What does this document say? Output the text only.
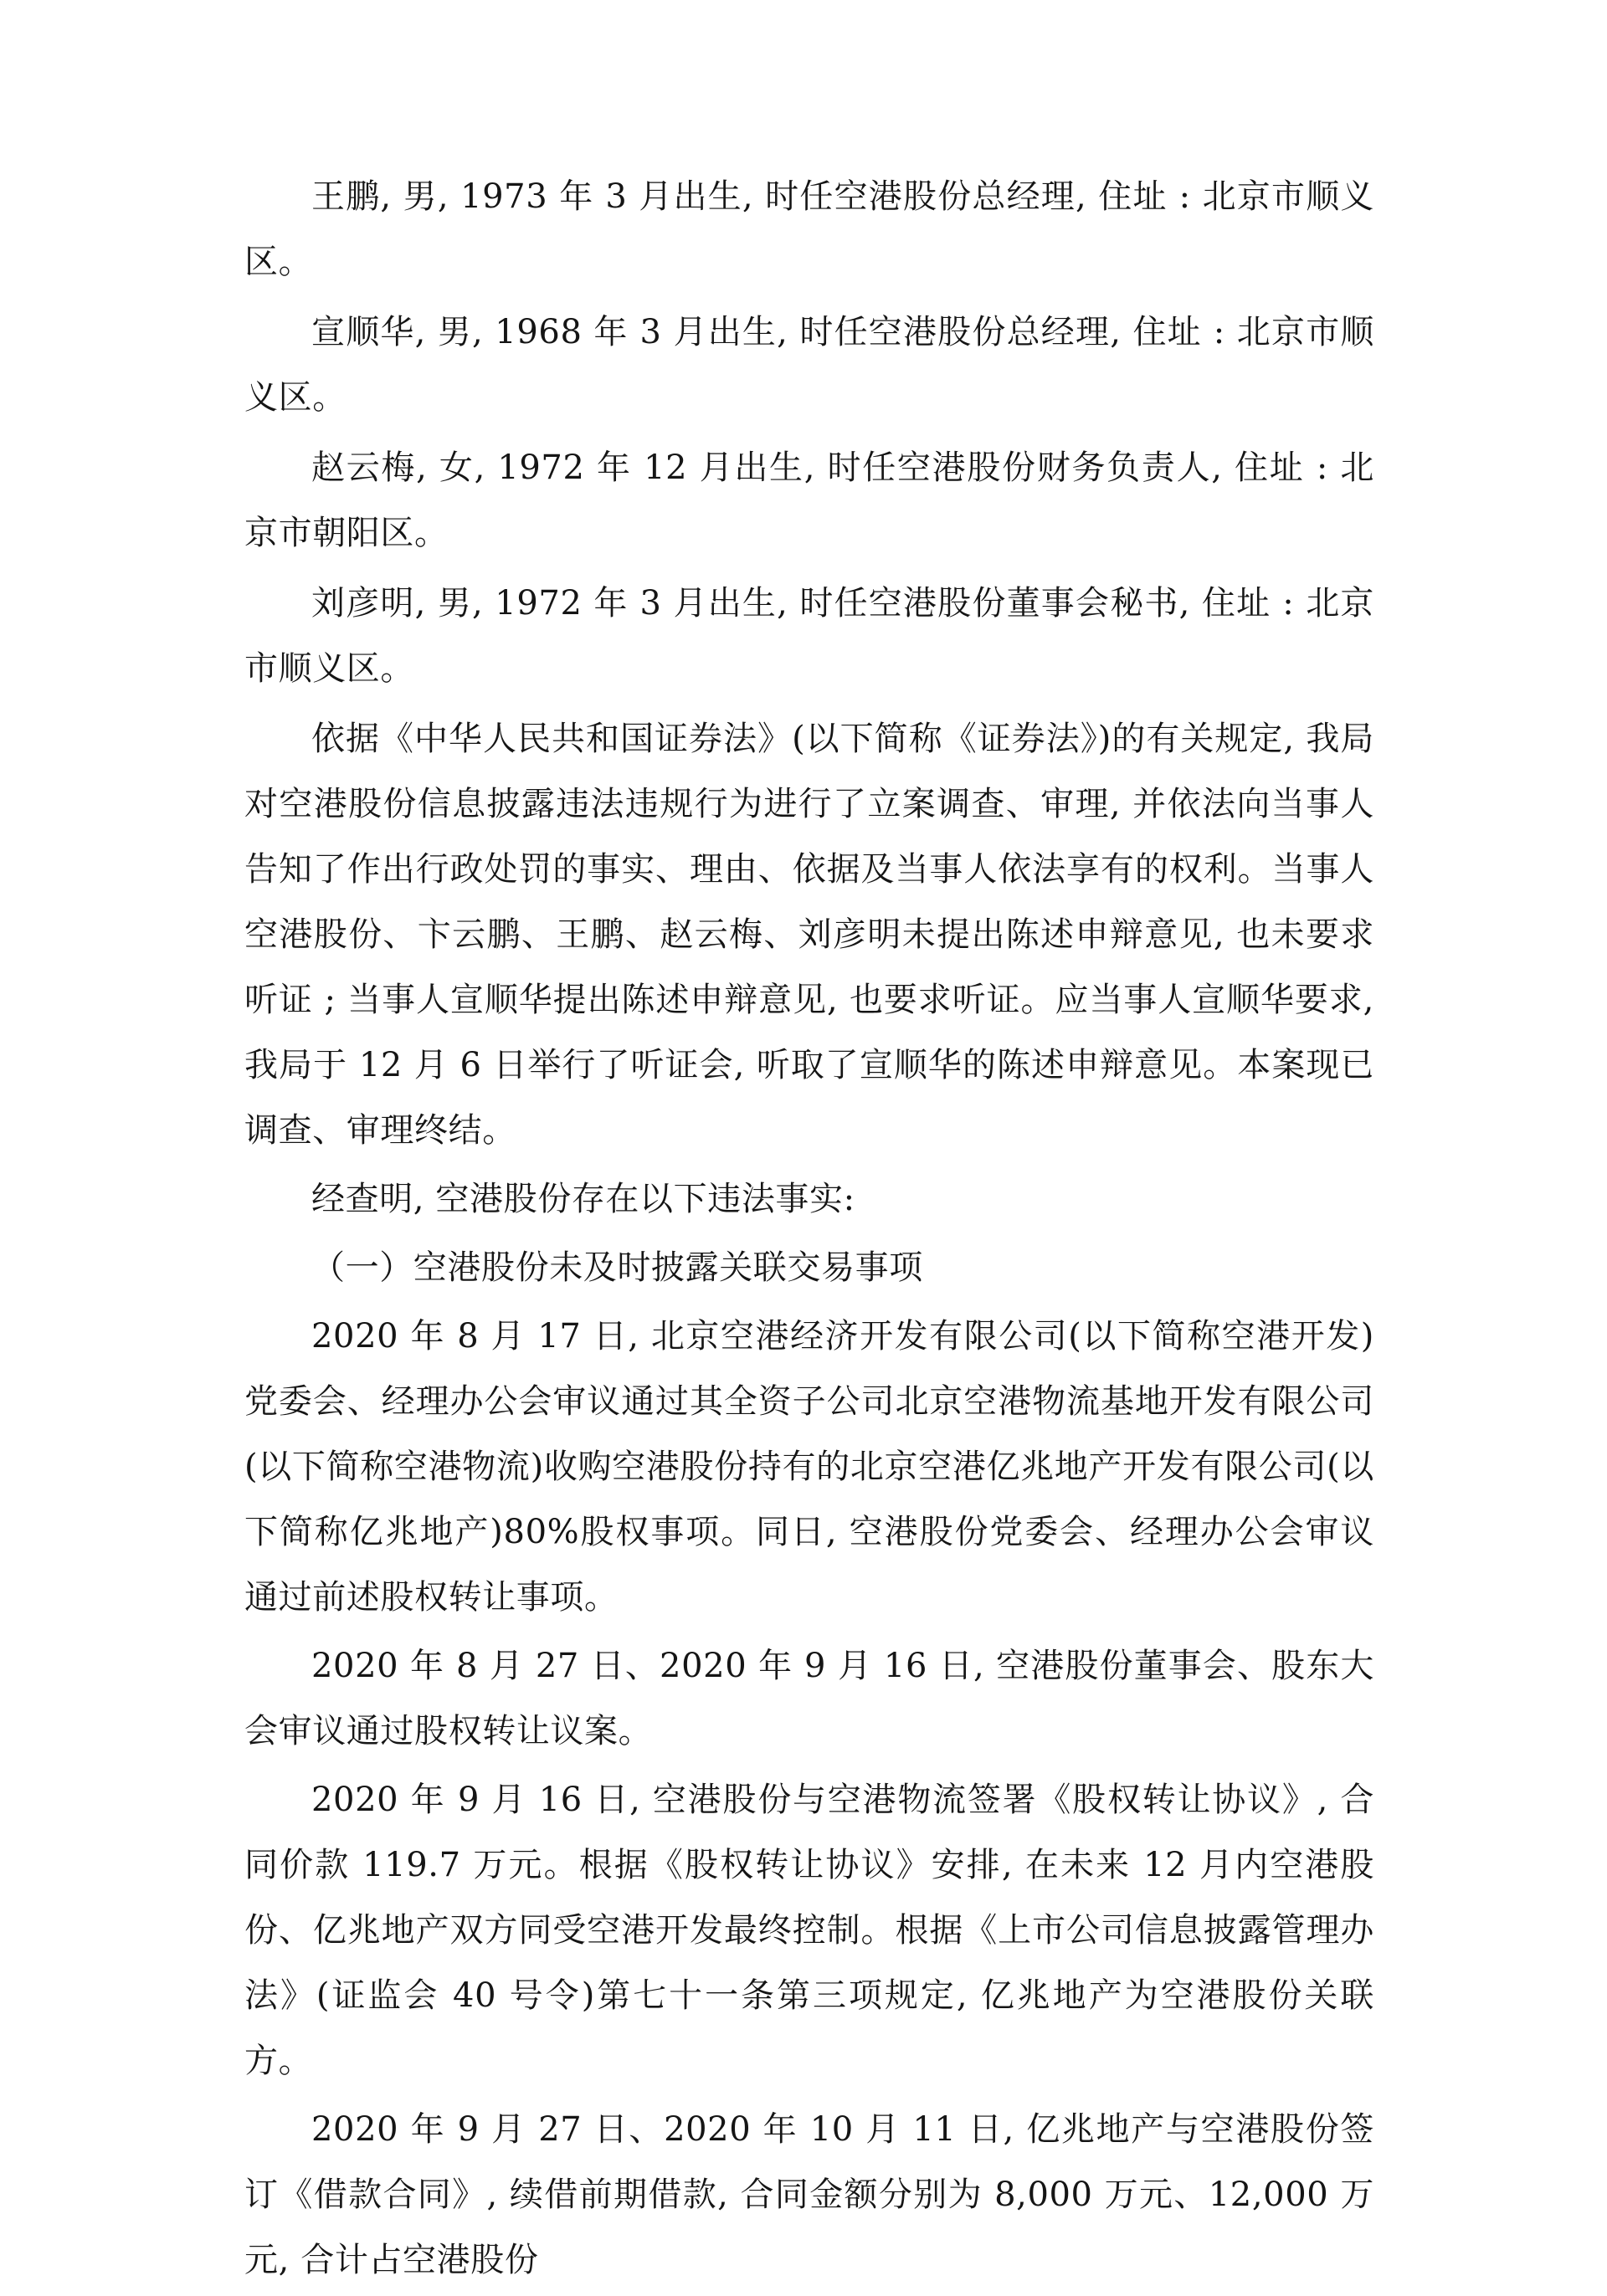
王鹏, 男, 1973 年 3 月出生, 时任空港股份总经理, 住址 : 北京市顺义区。

宣顺华, 男, 1968 年 3 月出生, 时任空港股份总经理, 住址 : 北京市顺义区。

赵云梅, 女, 1972 年 12 月出生, 时任空港股份财务负责人, 住址 : 北京市朝阳区。

刘彦明, 男, 1972 年 3 月出生, 时任空港股份董事会秘书, 住址 : 北京市顺义区。

依据《中华人民共和国证券法》(以下简称《证券法》)的有关规定, 我局对空港股份信息披露违法违规行为进行了立案调查、审理, 并依法向当事人告知了作出行政处罚的事实、理由、依据及当事人依法享有的权利。当事人空港股份、卞云鹏、王鹏、赵云梅、刘彦明未提出陈述申辩意见, 也未要求听证 ; 当事人宣顺华提出陈述申辩意见, 也要求听证。应当事人宣顺华要求, 我局于 12 月 6 日举行了听证会, 听取了宣顺华的陈述申辩意见。本案现已调查、审理终结。

经查明, 空港股份存在以下违法事实:

（一）空港股份未及时披露关联交易事项

2020 年 8 月 17 日, 北京空港经济开发有限公司(以下简称空港开发)党委会、经理办公会审议通过其全资子公司北京空港物流基地开发有限公司(以下简称空港物流)收购空港股份持有的北京空港亿兆地产开发有限公司(以下简称亿兆地产)80%股权事项。同日, 空港股份党委会、经理办公会审议通过前述股权转让事项。

2020 年 8 月 27 日、2020 年 9 月 16 日, 空港股份董事会、股东大会审议通过股权转让议案。

2020 年 9 月 16 日, 空港股份与空港物流签署《股权转让协议》, 合同价款 119.7 万元。根据《股权转让协议》安排, 在未来 12 月内空港股份、亿兆地产双方同受空港开发最终控制。根据《上市公司信息披露管理办法》(证监会 40 号令)第七十一条第三项规定, 亿兆地产为空港股份关联方。

2020 年 9 月 27 日、2020 年 10 月 11 日, 亿兆地产与空港股份签订《借款合同》, 续借前期借款, 合同金额分别为 8,000 万元、12,000 万元, 合计占空港股份
